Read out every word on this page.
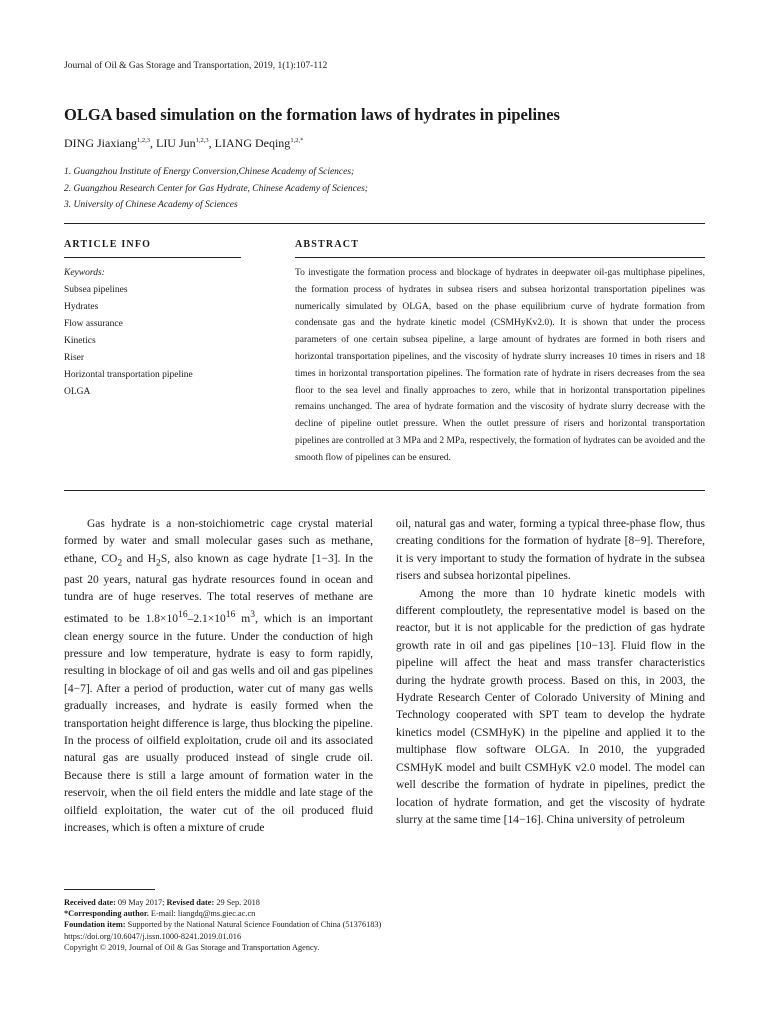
Journal of Oil & Gas Storage and Transportation, 2019, 1(1):107-112
OLGA based simulation on the formation laws of hydrates in pipelines
DING Jiaxiang$^{1,2,3}$, LIU Jun$^{1,2,3}$, LIANG Deqing$^{1,2,*}$
1. Guangzhou Institute of Energy Conversion,Chinese Academy of Sciences;
2. Guangzhou Research Center for Gas Hydrate, Chinese Academy of Sciences;
3. University of Chinese Academy of Sciences
ARTICLE INFO	ABSTRACT
Keywords:
Subsea pipelines
Hydrates
Flow assurance
Kinetics
Riser
Horizontal transportation pipeline
OLGA

To investigate the formation process and blockage of hydrates in deepwater oil-gas multiphase pipelines, the formation process of hydrates in subsea risers and subsea horizontal transportation pipelines was numerically simulated by OLGA, based on the phase equilibrium curve of hydrate formation from condensate gas and the hydrate kinetic model (CSMHyKv2.0). It is shown that under the process parameters of one certain subsea pipeline, a large amount of hydrates are formed in both risers and horizontal transportation pipelines, and the viscosity of hydrate slurry increases 10 times in risers and 18 times in horizontal transportation pipelines. The formation rate of hydrate in risers decreases from the sea floor to the sea level and finally approaches to zero, while that in horizontal transportation pipelines remains unchanged. The area of hydrate formation and the viscosity of hydrate slurry decrease with the decline of pipeline outlet pressure. When the outlet pressure of risers and horizontal transportation pipelines are controlled at 3 MPa and 2 MPa, respectively, the formation of hydrates can be avoided and the smooth flow of pipelines can be ensured.

Gas hydrate is a non-stoichiometric cage crystal material formed by water and small molecular gases such as methane, ethane, $CO_2$ and $H_2S$, also known as cage hydrate [1−3]. In the past 20 years, natural gas hydrate resources found in ocean and tundra are of huge reserves. The total reserves of methane are estimated to be $1.8\times 10^{16}-2.1\times 10^{16}$ $m^3$, which is an important clean energy source in the future. Under the conduction of high pressure and low temperature, hydrate is easy to form rapidly, resulting in blockage of oil and gas wells and oil and gas pipelines [4−7]. After a period of production, water cut of many gas wells gradually increases, and hydrate is easily formed when the transportation height difference is large, thus blocking the pipeline. In the process of oilfield exploitation, crude oil and its associated natural gas are usually produced instead of single crude oil. Because there is still a large amount of formation water in the reservoir, when the oil field enters the middle and late stage of the oilfield exploitation, the water cut of the oil produced fluid increases, which is often a mixture of crude

oil, natural gas and water, forming a typical three-phase flow, thus creating conditions for the formation of hydrate [8−9]. Therefore, it is very important to study the formation of hydrate in the subsea risers and subsea horizontal pipelines.

Among the more than 10 hydrate kinetic models with different comploutlety, the representative model is based on the reactor, but it is not applicable for the prediction of gas hydrate growth rate in oil and gas pipelines [10−13]. Fluid flow in the pipeline will affect the heat and mass transfer characteristics during the hydrate growth process. Based on this, in 2003, the Hydrate Research Center of Colorado University of Mining and Technology cooperated with SPT team to develop the hydrate kinetics model (CSMHyK) in the pipeline and applied it to the multiphase flow software OLGA. In 2010, the yupgraded CSMHyK model and built CSMHyK v2.0 model. The model can well describe the formation of hydrate in pipelines, predict the location of hydrate formation, and get the viscosity of hydrate slurry at the same time [14−16]. China university of petroleum

Received date: 09 May 2017; Revised date: 29 Sep. 2018
*Corresponding author. E-mail: liangdq@ms.giec.ac.cn
Foundation item: Supported by the National Natural Science Foundation of China (51376183)
https://doi.org/10.6047/j.issn.1000-8241.2019.01.016
Copyright © 2019, Journal of Oil & Gas Storage and Transportation Agency.
